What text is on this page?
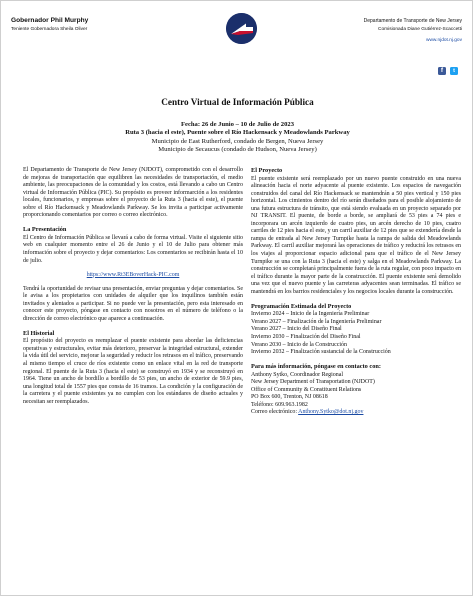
Gobernador Phil Murphy
Teniente Gobernadora Sheila Oliver
Departamento de Transporte de New Jersey
Comisionada Diane Gutiérrez-Scaccetti
www.njdot.nj.gov
f	t
Centro Virtual de Información Pública
Fecha: 26 de Junio – 10 de Julio de 2023
Ruta 3 (hacia el este), Puente sobre el Río Hackensack y Meadowlands Parkway
Municipio de East Rutherford, condado de Bergen, Nueva Jersey
Municipio de Secaucus (condado de Hudson, Nueva Jersey)

El Departamento de Transporte de New Jersey (NJDOT), comprometido con el desarrollo de mejoras de transportación que equilibren las necesidades de transportación, el medio ambiente, las preocupaciones de la comunidad y los costos, está llevando a cabo un Centro virtual de Información Pública (PIC). Su propósito es proveer informarción a los residentes locales, funcionarios, y empresas sobre el proyecto de la Ruta 3 (hacia el este), el puente sobre el Río Hackensack y Meadowlands Parkway. Se los invita a participar activamente proporcionando comentarios por correo o correo electrónico.

La Presentación

El Centro de Información Pública se llevará a cabo de forma virtual. Visite el siguiente sitio web en cualquier momento entre el 26 de Junio y el 10 de Julio para obtener más información sobre el proyecto y dejar comentarios: Los comentarios se recibirán hasta el 10 de julio.

https://www.Rt3EBoverHack-PIC.com

Tendrá la oportunidad de revisar una presentación, enviar preguntas y dejar comentarios. Se le avisa a los propietarios con unidades de alquiler que los inquilinos también están invitados y alentados a participar. Si no puede ver la presentación, pero esta interesado en conocer este proyecto, póngase en contacto con nosotros en el número de teléfono o la dirección de correo electrónico que aparece a continuación.

El Historial

El propósito del proyecto es reemplazar el puente existente para abordar las deficiencias operativas y estructurales, evitar más deterioro, preservar la integridad estructural, extender la vida útil del servicio, mejorar la seguridad y reducir los retrasos en el tráfico, preservando al mismo tiempo el cruce de ríos existente como un enlace vital en la red de transporte regional. El puente de la Ruta 3 (hacia el este) se construyó en 1934 y se reconstruyó en 1964. Tiene un ancho de bordillo a bordillo de 53 pies, un ancho de exterior de 59.9 pies, una longitud total de 1557 pies que consta de 16 tramos. La condición y la configuración de la carretera y el puente existentes ya no cumplen con los estándares de diseño actuales y necesitan ser reemplazados.

El Proyecto

El puente existente será reemplazado por un nuevo puente construido en una nueva alineación hacia el norte adyacente al puente existente. Los espacios de navegación construidos del canal del Río Hackensack se mantendrán a 50 pies vertical y 150 pies horizontal. Los cimientos dentro del río serán diseñados para el posible alojamiento de una futura estructura de tránsito, que está siendo evaluada en un proyecto separado por NJ TRANSIT. El puente, de borde a borde, se ampliará de 53 pies a 74 pies e incorporara un arcén izquierdo de cuatro pies, un arcén derecho de 10 pies, cuatro carriles de 12 pies hacia el este, y un carril auxiliar de 12 pies que se extendería desde la rampa de entrada al New Jersey Turnpike hasta la rampa de salida del Meadowlands Parkway. El carril auxiliar mejorará las operaciones de tráfico y reducirá los retrasos en los viajes al proporcionar espacio adicional para que el tráfico de el New Jersey Turnpike se una con la Ruta 3 (hacia el este) y salga en el Meadowlands Parkway. La construcción se completará principalmente fuera de la ruta regular, con poco impacto en el tráfico durante la mayor parte de la construcción. El puente existente será demolido una vez que el nuevo puente y las carreteras adyacentes sean terminadas. El tráfico se mantendrá en los barrios residenciales y los negocios locales durante la construcción.

Programación Estimada del Proyecto
Invierno 2024 – Inicio de la Ingeniería Preliminar
Verano 2027 – Finalización de la Ingeniería Preliminar
Verano 2027 – Inicio del Diseño Final
Invierno 2030 – Finalización del Diseño Final
Verano 2030 – Inicio de la Construcción
Invierno 2032 – Finalización sustancial de la Construcción
Para más información, póngase en contacto con:
Anthony Sytko, Coordinador Regional
New Jersey Department of Transportation (NJDOT)
Office of Community & Constituent Relations
PO Box 600, Trenton, NJ 08618
Teléfono: 609.963.1982
Correo electrónico: Anthony.Sytko@dot.nj.gov
